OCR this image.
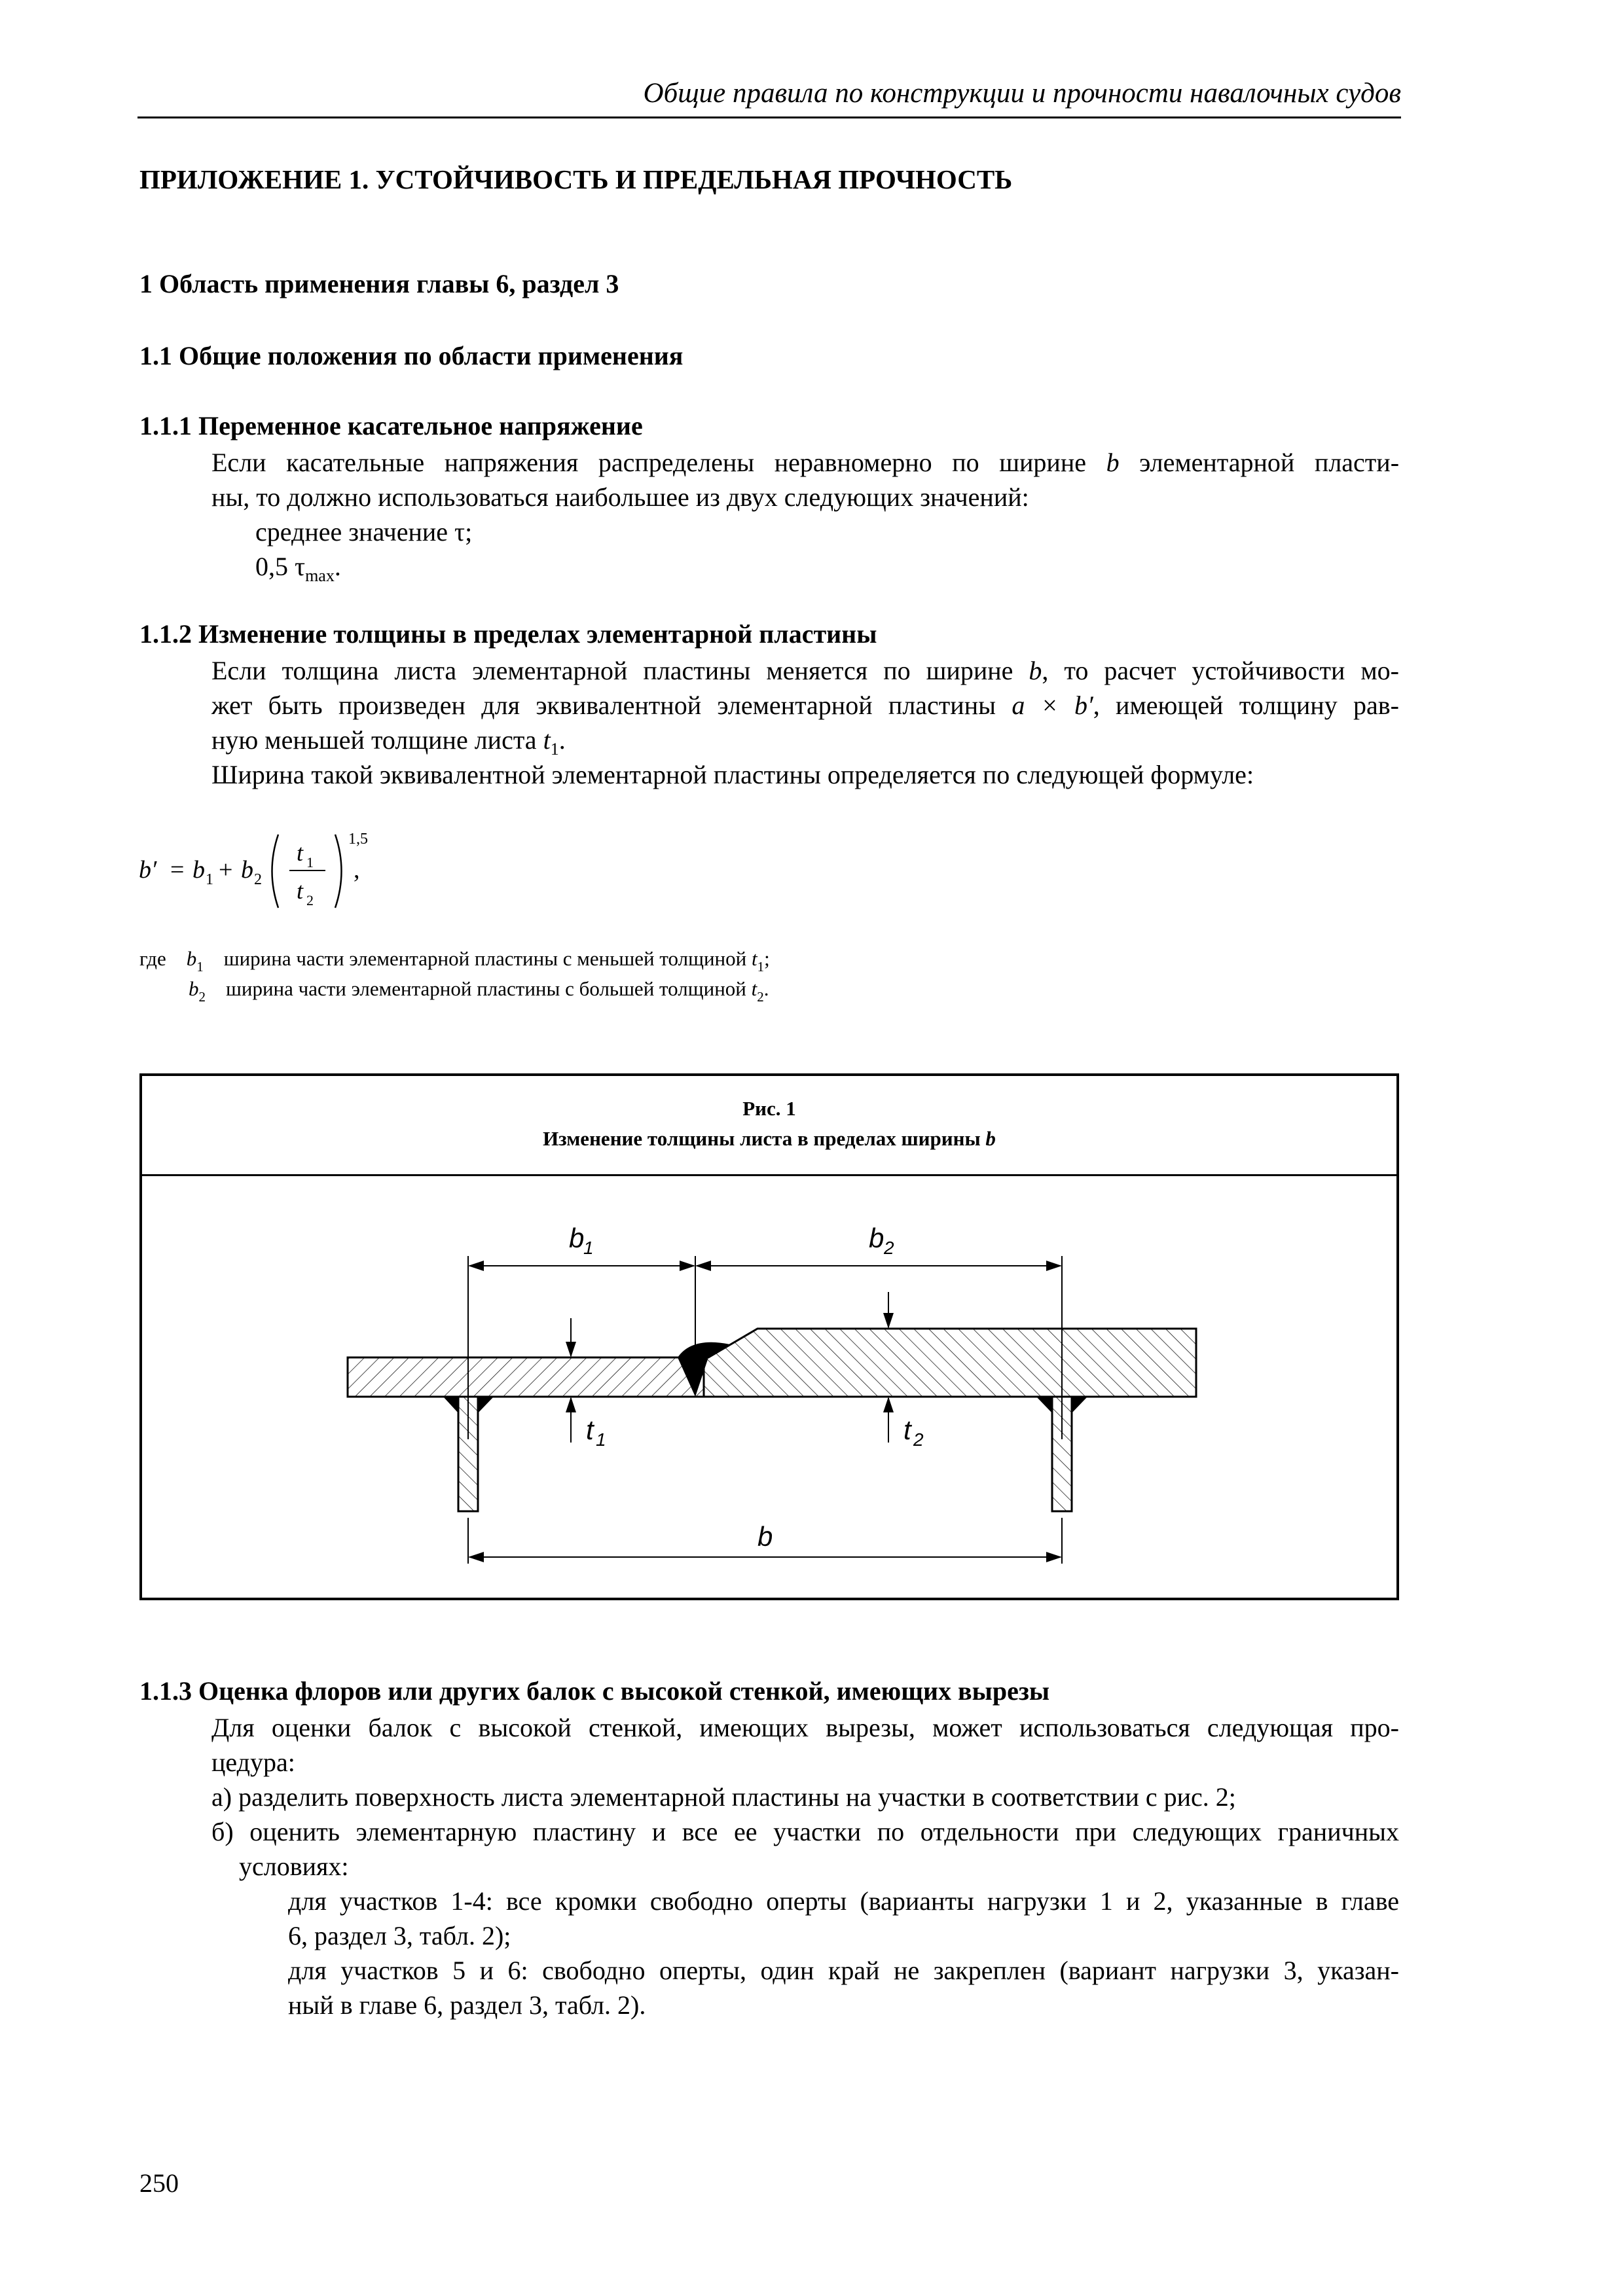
Общие правила по конструкции и прочности навалочных судов
ПРИЛОЖЕНИЕ 1. УСТОЙЧИВОСТЬ И ПРЕДЕЛЬНАЯ ПРОЧНОСТЬ
1 Область применения главы 6, раздел 3
1.1 Общие положения по области применения
1.1.1 Переменное касательное напряжение
Если касательные напряжения распределены неравномерно по ширине b элементарной пласти-
ны, то должно использоваться наибольшее из двух следующих значений:
среднее значение τ;
0,5 $\tau_{max}$.
1.1.2 Изменение толщины в пределах элементарной пластины
Если толщина листа элементарной пластины меняется по ширине b, то расчет устойчивости мо-
жет быть произведен для эквивалентной элементарной пластины a × b′, имеющей толщину рав-
ную меньшей толщине листа $t_1$.
Ширина такой эквивалентной элементарной пластины определяется по следующей формуле:
b′ = b 1 + b 2
t 1
t 2
1,5
,
где $b_1$ ширина части элементарной пластины с меньшей толщиной $t_1$;
$b_2$ ширина части элементарной пластины с большей толщиной $t_2$.
Рис. 1
Изменение толщины листа в пределах ширины b
b
1	b 2
t 1	t 2
b
1.1.3 Оценка флоров или других балок с высокой стенкой, имеющих вырезы
Для оценки балок с высокой стенкой, имеющих вырезы, может использоваться следующая про-
цедура:
а) разделить поверхность листа элементарной пластины на участки в соответствии с рис. 2;
б) оценить элементарную пластину и все ее участки по отдельности при следующих граничных
условиях:
для участков 1-4: все кромки свободно оперты (варианты нагрузки 1 и 2, указанные в главе
6, раздел 3, табл. 2);
для участков 5 и 6: свободно оперты, один край не закреплен (вариант нагрузки 3, указан-
ный в главе 6, раздел 3, табл. 2).
250
